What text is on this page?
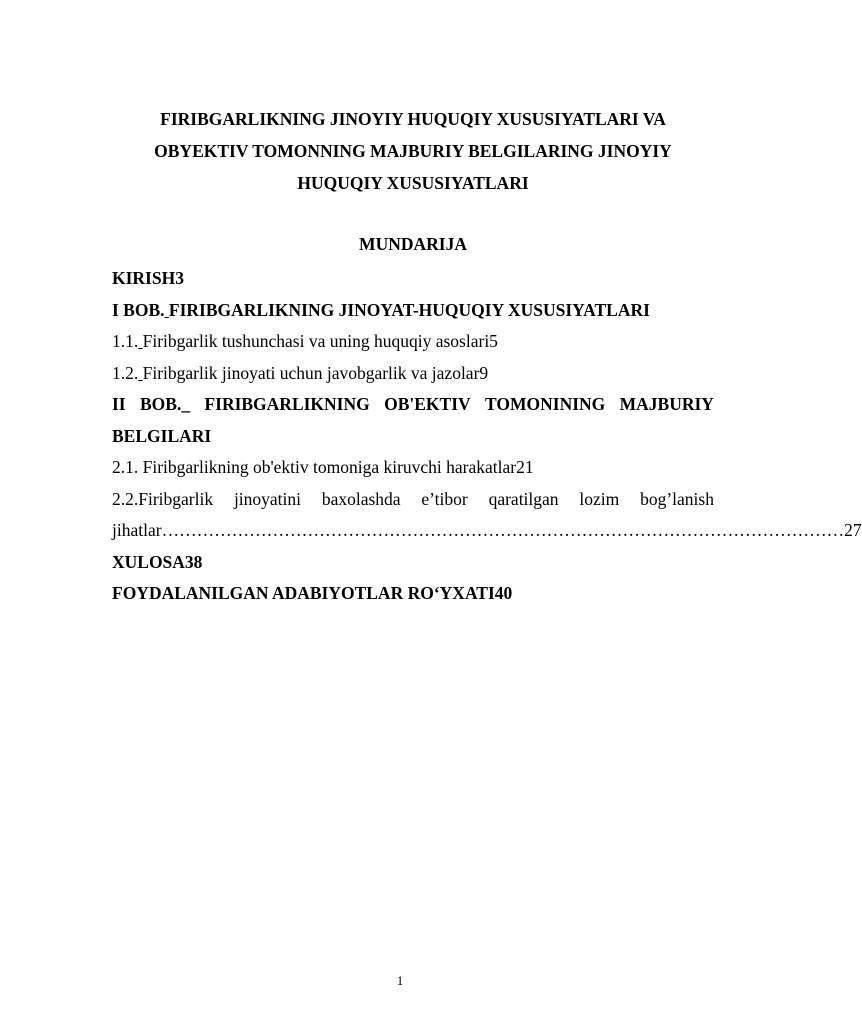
FIRIBGARLIKNING JINOYIY HUQUQIY XUSUSIYATLARI VA OBYEKTIV TOMONNING MAJBURIY BELGILARING JINOYIY HUQUQIY XUSUSIYATLARI
MUNDARIJA
KIRISH3
I BOB. FIRIBGARLIKNING JINOYAT-HUQUQIY XUSUSIYATLARI
1.1. Firibgarlik tushunchasi va uning huquqiy asoslari5
1.2. Firibgarlik jinoyati uchun javobgarlik va jazolar9
II BOB._ FIRIBGARLIKNING OB'EKTIV TOMONINING MAJBURIY
BELGILARI
2.1. Firibgarlikning ob'ektiv tomoniga kiruvchi harakatlar21
2.2.Firibgarlik jinoyatini baxolashda e’tibor qaratilgan lozim bog’lanish
jihatlar ……………………………………………………………………………………………………… 27
XULOSA38
FOYDALANILGAN ADABIYOTLAR RO‘YXATI40
1
